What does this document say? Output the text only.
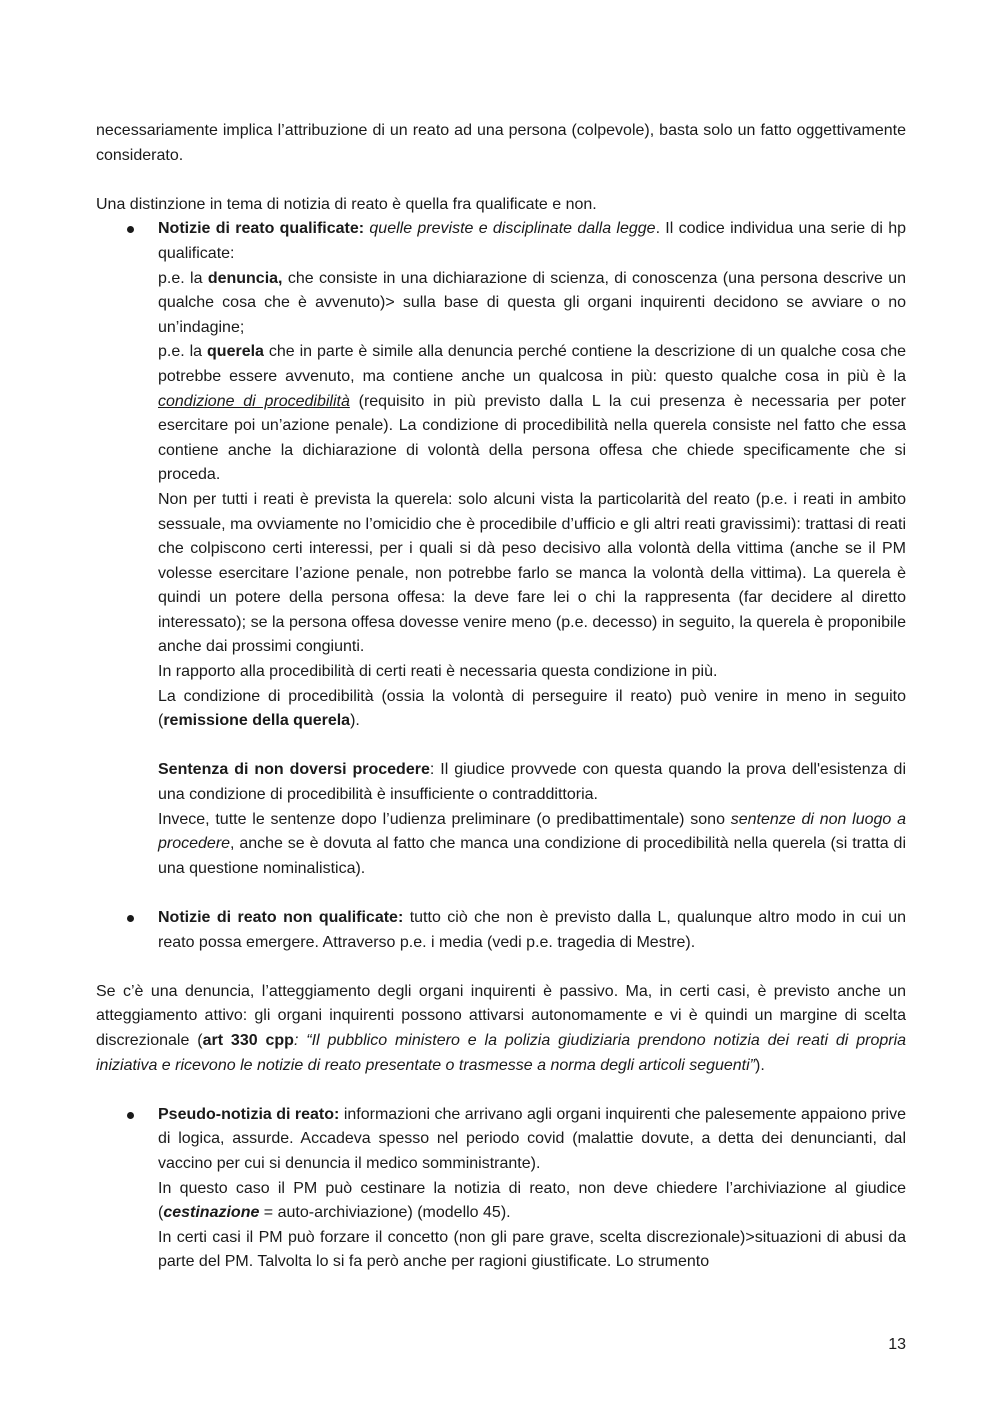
necessariamente implica l’attribuzione di un reato ad una persona (colpevole), basta solo un fatto oggettivamente considerato.

Una distinzione in tema di notizia di reato è quella fra qualificate e non.

Notizie di reato qualificate: quelle previste e disciplinate dalla legge. Il codice individua una serie di hp qualificate:

p.e. la denuncia, che consiste in una dichiarazione di scienza, di conoscenza (una persona descrive un qualche cosa che è avvenuto)> sulla base di questa gli organi inquirenti decidono se avviare o no un’indagine;

p.e. la querela che in parte è simile alla denuncia perché contiene la descrizione di un qualche cosa che potrebbe essere avvenuto, ma contiene anche un qualcosa in più: questo qualche cosa in più è la condizione di procedibilità (requisito in più previsto dalla L la cui presenza è necessaria per poter esercitare poi un’azione penale). La condizione di procedibilità nella querela consiste nel fatto che essa contiene anche la dichiarazione di volontà della persona offesa che chiede specificamente che si proceda.

Non per tutti i reati è prevista la querela: solo alcuni vista la particolarità del reato (p.e. i reati in ambito sessuale, ma ovviamente no l’omicidio che è procedibile d’ufficio e gli altri reati gravissimi): trattasi di reati che colpiscono certi interessi, per i quali si dà peso decisivo alla volontà della vittima (anche se il PM volesse esercitare l’azione penale, non potrebbe farlo se manca la volontà della vittima). La querela è quindi un potere della persona offesa: la deve fare lei o chi la rappresenta (far decidere al diretto interessato); se la persona offesa dovesse venire meno (p.e. decesso) in seguito, la querela è proponibile anche dai prossimi congiunti.

In rapporto alla procedibilità di certi reati è necessaria questa condizione in più.

La condizione di procedibilità (ossia la volontà di perseguire il reato) può venire in meno in seguito (remissione della querela).

Sentenza di non doversi procedere: Il giudice provvede con questa quando la prova dell'esistenza di una condizione di procedibilità è insufficiente o contraddittoria.

Invece, tutte le sentenze dopo l’udienza preliminare (o predibattimentale) sono sentenze di non luogo a procedere, anche se è dovuta al fatto che manca una condizione di procedibilità nella querela (si tratta di una questione nominalistica).

Notizie di reato non qualificate: tutto ciò che non è previsto dalla L, qualunque altro modo in cui un reato possa emergere. Attraverso p.e. i media (vedi p.e. tragedia di Mestre).

Se c’è una denuncia, l’atteggiamento degli organi inquirenti è passivo. Ma, in certi casi, è previsto anche un atteggiamento attivo: gli organi inquirenti possono attivarsi autonomamente e vi è quindi un margine di scelta discrezionale (art 330 cpp: “Il pubblico ministero e la polizia giudiziaria prendono notizia dei reati di propria iniziativa e ricevono le notizie di reato presentate o trasmesse a norma degli articoli seguenti”).

Pseudo-notizia di reato: informazioni che arrivano agli organi inquirenti che palesemente appaiono prive di logica, assurde. Accadeva spesso nel periodo covid (malattie dovute, a detta dei denuncianti, dal vaccino per cui si denuncia il medico somministrante).

In questo caso il PM può cestinare la notizia di reato, non deve chiedere l’archiviazione al giudice (cestinazione = auto-archiviazione) (modello 45).

In certi casi il PM può forzare il concetto (non gli pare grave, scelta discrezionale)>situazioni di abusi da parte del PM. Talvolta lo si fa però anche per ragioni giustificate. Lo strumento

13
